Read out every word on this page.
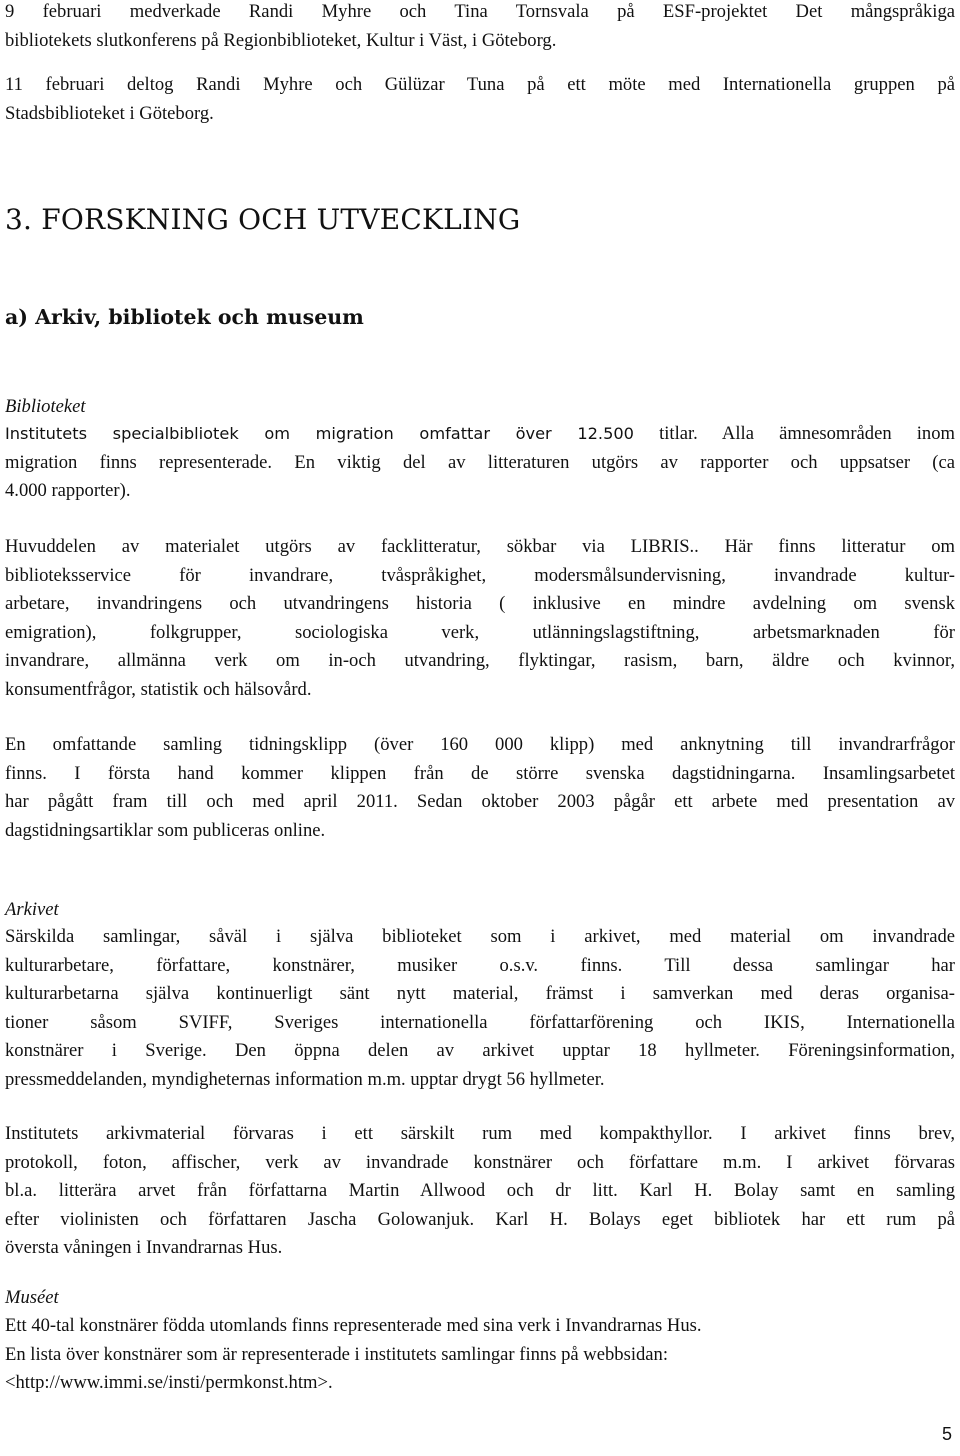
9 februari medverkade Randi Myhre och Tina Tornsvala på ESF-projektet Det mångspråkiga
bibliotekets slutkonferens på Regionbiblioteket, Kultur i Väst, i Göteborg.

11 februari deltog Randi Myhre och Gülüzar Tuna på ett möte med Internationella gruppen på
Stadsbiblioteket i Göteborg.

3. FORSKNING OCH UTVECKLING
a) Arkiv, bibliotek och museum

Biblioteket

Institutets specialbibliotek om migration omfattar över 12.500 titlar. Alla ämnesområden inom
migration finns representerade. En viktig del av litteraturen utgörs av rapporter och uppsatser (ca
4.000 rapporter).

Huvuddelen av materialet utgörs av facklitteratur, sökbar via LIBRIS.. Här finns litteratur om
biblioteksservice för invandrare, tvåspråkighet, modersmålsundervisning, invandrade kultur-
arbetare, invandringens och utvandringens historia ( inklusive en mindre avdelning om svensk
emigration), folkgrupper, sociologiska verk, utlänningslagstiftning, arbetsmarknaden för
invandrare, allmänna verk om in-och utvandring, flyktingar, rasism, barn, äldre och kvinnor,
konsumentfrågor, statistik och hälsovård.

En omfattande samling tidningsklipp (över 160 000 klipp) med anknytning till invandrarfrågor
finns. I första hand kommer klippen från de större svenska dagstidningarna. Insamlingsarbetet
har pågått fram till och med april 2011. Sedan oktober 2003 pågår ett arbete med presentation av
dagstidningsartiklar som publiceras online.

Arkivet

Särskilda samlingar, såväl i själva biblioteket som i arkivet, med material om invandrade
kulturarbetare, författare, konstnärer, musiker o.s.v. finns. Till dessa samlingar har
kulturarbetarna själva kontinuerligt sänt nytt material, främst i samverkan med deras organisa-
tioner såsom SVIFF, Sveriges internationella författarförening och IKIS, Internationella
konstnärer i Sverige. Den öppna delen av arkivet upptar 18 hyllmeter. Föreningsinformation,
pressmeddelanden, myndigheternas information m.m. upptar drygt 56 hyllmeter.

Institutets arkivmaterial förvaras i ett särskilt rum med kompakthyllor. I arkivet finns brev,
protokoll, foton, affischer, verk av invandrade konstnärer och författare m.m. I arkivet förvaras
bl.a. litterära arvet från författarna Martin Allwood och dr litt. Karl H. Bolay samt en samling
efter violinisten och författaren Jascha Golowanjuk. Karl H. Bolays eget bibliotek har ett rum på
översta våningen i Invandrarnas Hus.

Muséet

Ett 40-tal konstnärer födda utomlands finns representerade med sina verk i Invandrarnas Hus.
En lista över konstnärer som är representerade i institutets samlingar finns på webbsidan:
<http://www.immi.se/insti/permkonst.htm>.

5
